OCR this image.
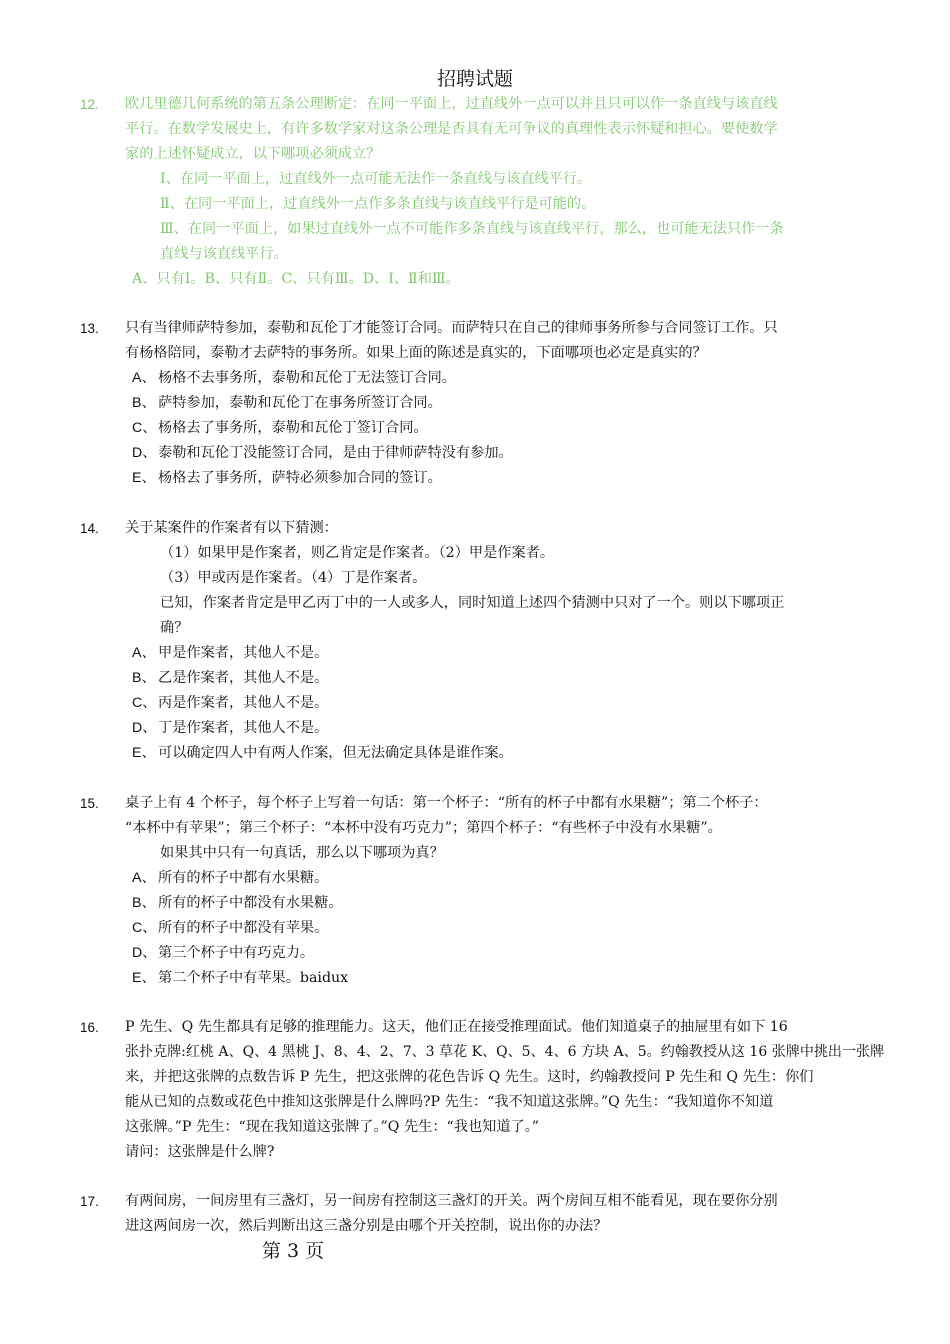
招聘试题
12. 欧几里德几何系统的第五条公理断定：在同一平面上，过直线外一点可以并且只可以作一条直线与该直线
平行。在数学发展史上，有许多数学家对这条公理是否具有无可争议的真理性表示怀疑和担心。要使数学
家的上述怀疑成立，以下哪项必须成立？
Ⅰ、在同一平面上，过直线外一点可能无法作一条直线与该直线平行。
Ⅱ、在同一平面上，过直线外一点作多条直线与该直线平行是可能的。
Ⅲ、在同一平面上，如果过直线外一点不可能作多条直线与该直线平行，那么，也可能无法只作一条
直线与该直线平行。
A、只有Ⅰ。B、只有Ⅱ。C、只有Ⅲ。D、Ⅰ、Ⅱ和Ⅲ。
13. 只有当律师萨特参加，泰勒和瓦伦丁才能签订合同。而萨特只在自己的律师事务所参与合同签订工作。只
有杨格陪同，泰勒才去萨特的事务所。如果上面的陈述是真实的，下面哪项也必定是真实的？
A、 杨格不去事务所，泰勒和瓦伦丁无法签订合同。
B、 萨特参加，泰勒和瓦伦丁在事务所签订合同。
C、 杨格去了事务所，泰勒和瓦伦丁签订合同。
D、 泰勒和瓦伦丁没能签订合同，是由于律师萨特没有参加。
E、 杨格去了事务所，萨特必须参加合同的签订。
14. 关于某案件的作案者有以下猜测：
（1）如果甲是作案者，则乙肯定是作案者。（2）甲是作案者。
（3）甲或丙是作案者。（4）丁是作案者。
已知，作案者肯定是甲乙丙丁中的一人或多人，同时知道上述四个猜测中只对了一个。则以下哪项正
确？
A、 甲是作案者，其他人不是。
B、 乙是作案者，其他人不是。
C、 丙是作案者，其他人不是。
D、 丁是作案者，其他人不是。
E、 可以确定四人中有两人作案，但无法确定具体是谁作案。
15. 桌子上有 4 个杯子，每个杯子上写着一句话：第一个杯子：“所有的杯子中都有水果糖”；第二个杯子：
“本杯中有苹果”；第三个杯子：“本杯中没有巧克力”；第四个杯子：“有些杯子中没有水果糖”。
如果其中只有一句真话，那么以下哪项为真？
A、 所有的杯子中都有水果糖。
B、 所有的杯子中都没有水果糖。
C、 所有的杯子中都没有苹果。
D、 第三个杯子中有巧克力。
E、 第二个杯子中有苹果。baidux
16. P 先生、Q 先生都具有足够的推理能力。这天，他们正在接受推理面试。他们知道桌子的抽屉里有如下 16
张扑克牌:红桃 A、Q、4 黑桃 J、8、4、2、7、3 草花 K、Q、5、4、6 方块 A、5。约翰教授从这 16 张牌中挑出一张牌
来，并把这张牌的点数告诉 P 先生，把这张牌的花色告诉 Q 先生。这时，约翰教授问 P 先生和 Q 先生：你们
能从已知的点数或花色中推知这张牌是什么牌吗?P 先生：“我不知道这张牌。”Q 先生：“我知道你不知道
这张牌。”P 先生：“现在我知道这张牌了。”Q 先生：“我也知道了。”
请问：这张牌是什么牌?
17. 有两间房，一间房里有三盏灯，另一间房有控制这三盏灯的开关。两个房间互相不能看见，现在要你分别
进这两间房一次，然后判断出这三盏分别是由哪个开关控制，说出你的办法？
第 3 页
